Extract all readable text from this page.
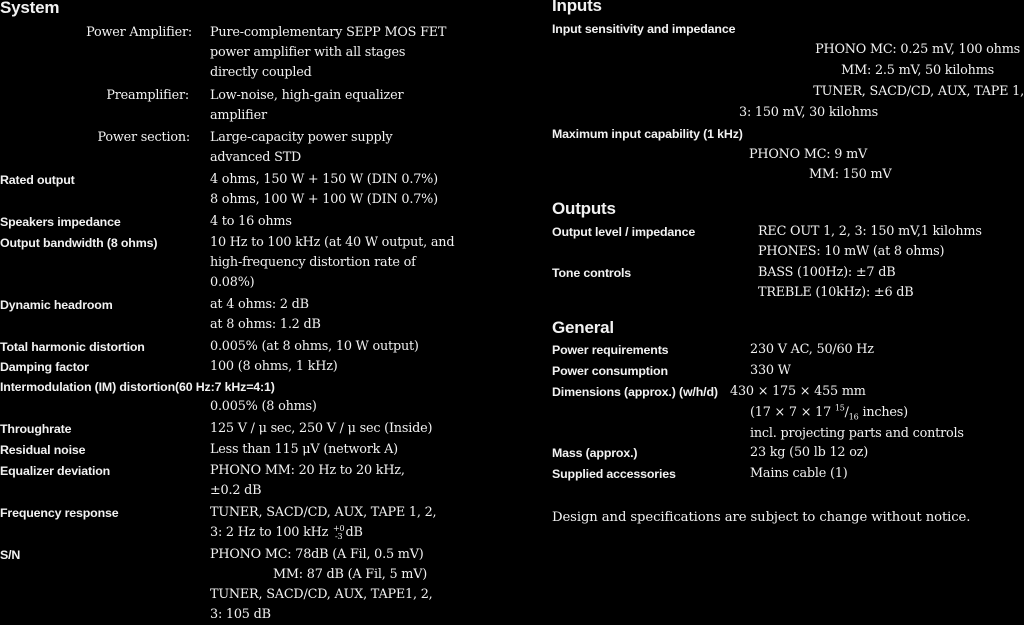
System
Power Amplifier: Pure-complementary SEPP MOS FET
power amplifier with all stages
directly coupled
Preamplifier: Low-noise, high-gain equalizer
amplifier
Power section: Large-capacity power supply
advanced STD
Rated output	4 ohms, 150 W + 150 W (DIN 0.7%)
8 ohms, 100 W + 100 W (DIN 0.7%)
Speakers impedance	4 to 16 ohms
Output bandwidth (8 ohms)	10 Hz to 100 kHz (at 40 W output, and
high-frequency distortion rate of
0.08%)
Dynamic headroom	at 4 ohms: 2 dB
at 8 ohms: 1.2 dB
Total harmonic distortion	0.005% (at 8 ohms, 10 W output)
Damping factor	100 (8 ohms, 1 kHz)
Intermodulation (IM) distortion(60 Hz:7 kHz=4:1)
0.005% (8 ohms)
Throughrate	125 V / μ sec, 250 V / μ sec (Inside)
Residual noise	Less than 115 μV (network A)
Equalizer deviation	PHONO MM: 20 Hz to 20 kHz,
±0.2 dB
Frequency response	TUNER, SACD/CD, AUX, TAPE 1, 2,
3: 2 Hz to 100 kHz +0
-3 dB
S/N	PHONO MC: 78dB (A Fil, 0.5 mV)
MM: 87 dB (A Fil, 5 mV)
TUNER, SACD/CD, AUX, TAPE1, 2,
3: 105 dB
Inputs
Input sensitivity and impedance
PHONO MC: 0.25 mV, 100 ohms
MM: 2.5 mV, 50 kilohms
TUNER, SACD/CD, AUX, TAPE 1,
3: 150 mV, 30 kilohms
Maximum input capability (1 kHz)
PHONO MC: 9 mV
MM: 150 mV
Outputs
Output level / impedance	REC OUT 1, 2, 3: 150 mV,1 kilohms
PHONES: 10 mW (at 8 ohms)
Tone controls	BASS (100Hz): ±7 dB
TREBLE (10kHz): ±6 dB
General
Power requirements	230 V AC, 50/60 Hz
Power consumption	330 W
Dimensions (approx.) (w/h/d) 430 × 175 × 455 mm
(17 × 7 × 17 $^{15}/_{16}$ inches)
incl. projecting parts and controls
Mass (approx.)	23 kg (50 lb 12 oz)
Supplied accessories	Mains cable (1)
Design and specifications are subject to change without notice.
